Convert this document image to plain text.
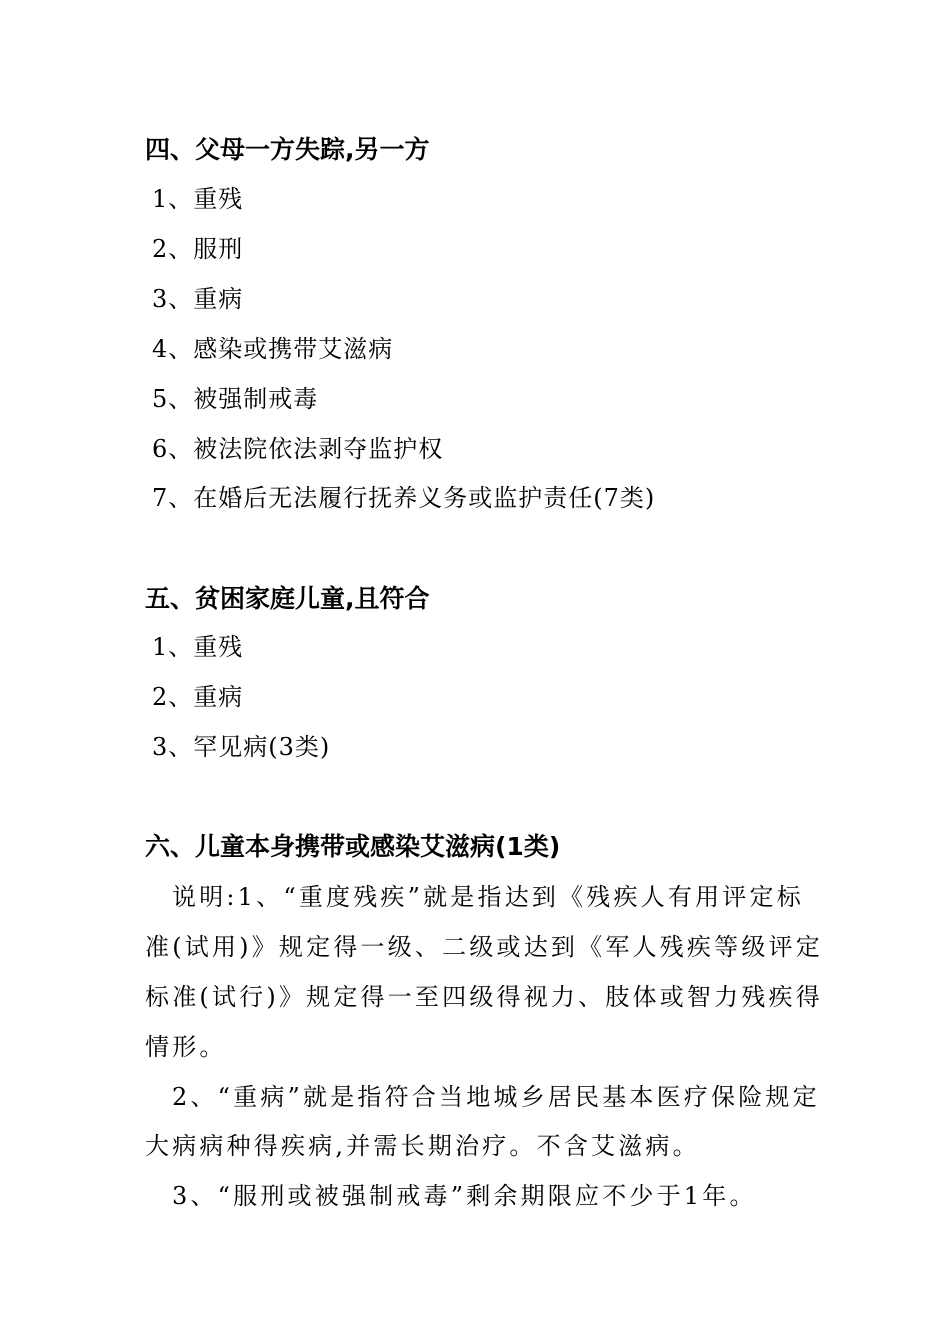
四、父母一方失踪,另一方
1、重残
2、服刑
3、重病
4、感染或携带艾滋病
5、被强制戒毒
6、被法院依法剥夺监护权
7、在婚后无法履行抚养义务或监护责任(7类)
五、贫困家庭儿童,且符合
1、重残
2、重病
3、罕见病(3类)
六、儿童本身携带或感染艾滋病(1类)
说明:1、“重度残疾”就是指达到《残疾人有用评定标
准(试用)》规定得一级、二级或达到《军人残疾等级评定
标准(试行)》规定得一至四级得视力、肢体或智力残疾得
情形。
2、“重病”就是指符合当地城乡居民基本医疗保险规定
大病病种得疾病,并需长期治疗。不含艾滋病。
3、“服刑或被强制戒毒”剩余期限应不少于1年。
